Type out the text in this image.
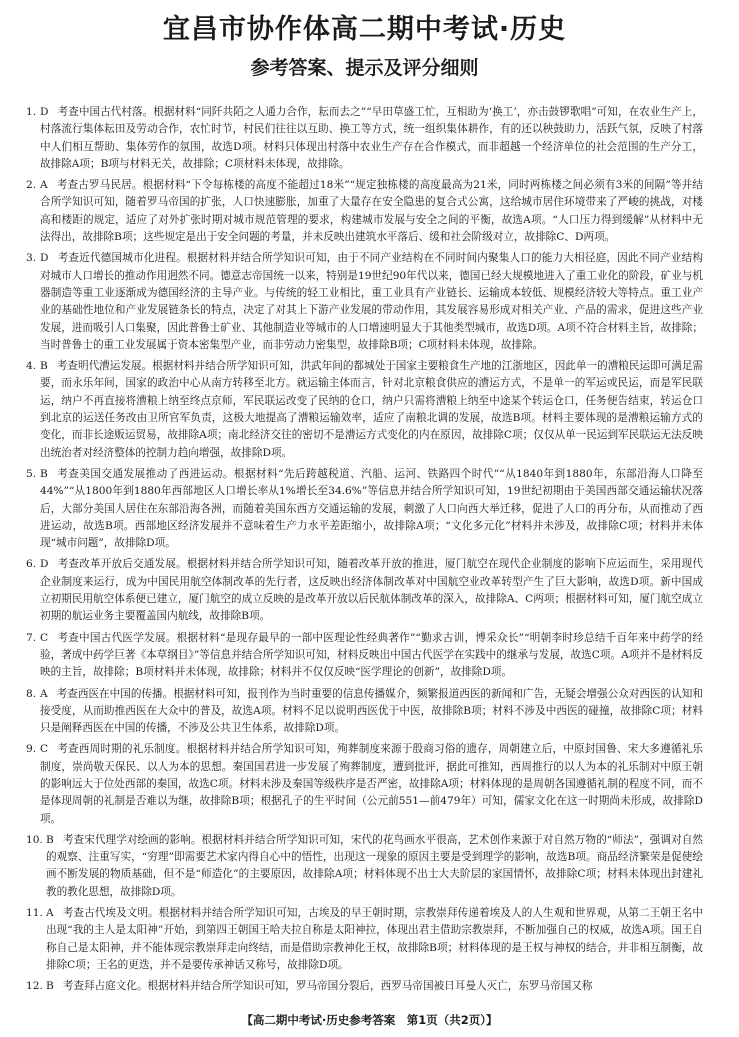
宜昌市协作体高二期中考试·历史
参考答案、提示及评分细则
1. D 考查中国古代村落。根据材料“同阡共陌之人通力合作，耘而去之”“早田草盛工忙，互相助为‘换工’，亦击鼓锣歌唱”可知，在农业生产上，村落流行集体耘田及劳动合作，农忙时节，村民们往往以互助、换工等方式，统一组织集体耕作，有的还以秧鼓助力，活跃气氛，反映了村落中人们相互帮助、集体劳作的氛围，故选D项。材料只体现出村落中农业生产存在合作模式，而非超越一个经济单位的社会范围的生产分工，故排除A项；B项与材料无关，故排除；C项材料未体现，故排除。
2. A 考查古罗马民居。根据材料“下令每栋楼的高度不能超过18米”“规定独栋楼的高度最高为21米，同时两栋楼之间必须有3米的间隔”等并结合所学知识可知，随着罗马帝国的扩张，人口快速膨胀，加重了大量存在安全隐患的复合式公寓，这给城市居住环境带来了严峻的挑战，对楼高和楼距的规定，适应了对外扩张时期对城市规范管理的要求，构建城市发展与安全之间的平衡，故选A项。“人口压力得到缓解”从材料中无法得出，故排除B项；这些规定是出于安全问题的考量，并未反映出建筑水平落后、缓和社会阶级对立，故排除C、D两项。
3. D 考查近代德国城市化进程。根据材料并结合所学知识可知，由于不同产业结构在不同时间内聚集人口的能力大相径庭，因此不同产业结构对城市人口增长的推动作用迥然不同。德意志帝国统一以来，特别是19世纪90年代以来，德国已经大规模地进入了重工业化的阶段，矿业与机器制造等重工业逐渐成为德国经济的主导产业。与传统的轻工业相比，重工业具有产业链长、运输成本较低、规模经济较大等特点。重工业产业的基础性地位和产业发展链条长的特点，决定了对其上下游产业发展的带动作用，其发展容易形成对相关产业、产品的需求，促进这些产业发展，进而吸引人口集聚，因此普鲁士矿业、其他制造业等城市的人口增速明显大于其他类型城市，故选D项。A项不符合材料主旨，故排除；当时普鲁士的重工业发展属于资本密集型产业，而非劳动力密集型，故排除B项；C项材料未体现，故排除。
4. B 考查明代漕运发展。根据材料并结合所学知识可知，洪武年间的都城处于国家主要粮食生产地的江浙地区，因此单一的漕粮民运即可满足需要，而永乐年间，国家的政治中心从南方转移至北方。就运输主体而言，针对北京粮食供应的漕运方式，不是单一的军运或民运，而是军民联运，纳户不再直接将漕粮上纳至终点京师，军民联运改变了民纳的仓口，纳户只需将漕粮上纳至中途某个转运仓口，任务便告结束，转运仓口到北京的运送任务改由卫所官军负责，这极大地提高了漕粮运输效率，适应了南粮北调的发展，故选B项。材料主要体现的是漕粮运输方式的变化，而非长途贩运贸易，故排除A项；南北经济交往的密切不是漕运方式变化的内在原因，故排除C项；仅仅从单一民运到军民联运无法反映出统治者对经济整体的控制力趋向增强，故排除D项。
5. B 考查美国交通发展推动了西进运动。根据材料“先后跨越税道、汽船、运河、铁路四个时代”“从1840年到1880年，东部沿海人口降至44%”“从1800年到1880年西部地区人口增长率从1%增长至34.6%”等信息并结合所学知识可知，19世纪初期由于美国西部交通运输状况落后，大部分美国人居住在东部沿海各洲，而随着美国东西方交通运输的发展，刺激了人口向西大举迁移，促进了人口的再分布，从而推动了西进运动，故选B项。西部地区经济发展并不意味着生产力水平差距缩小，故排除A项；“文化多元化”材料并未涉及，故排除C项；材料并未体现“城市问题”，故排除D项。
6. D 考查改革开放后交通发展。根据材料并结合所学知识可知，随着改革开放的推进，厦门航空在现代企业制度的影响下应运而生，采用现代企业制度来运行，成为中国民用航空体制改革的先行者，这反映出经济体制改革对中国航空业改革转型产生了巨大影响，故选D项。新中国成立初期民用航空体系便已建立，厦门航空的成立反映的是改革开放以后民航体制改革的深入，故排除A、C两项；根据材料可知，厦门航空成立初期的航运业务主要覆盖国内航线，故排除B项。
7. C 考查中国古代医学发展。根据材料“是现存最早的一部中医理论性经典著作”“勤求古训，博采众长”“明朝李时珍总结千百年来中药学的经验，著成中药学巨著《本草纲目》”等信息并结合所学知识可知，材料反映出中国古代医学在实践中的继承与发展，故选C项。A项并不是材料反映的主旨，故排除；B项材料并未体现，故排除；材料并不仅仅反映“医学理论的创新”，故排除D项。
8. A 考查西医在中国的传播。根据材料可知，报刊作为当时重要的信息传播媒介，频繁报道西医的新闻和广告，无疑会增强公众对西医的认知和接受度，从而助推西医在大众中的普及，故选A项。材料不足以说明西医优于中医，故排除B项；材料不涉及中西医的碰撞，故排除C项；材料只是阐释西医在中国的传播，不涉及公共卫生体系，故排除D项。
9. C 考查西周时期的礼乐制度。根据材料并结合所学知识可知，殉葬制度来源于殷商习俗的遗存，周朝建立后，中原封国鲁、宋大多遵循礼乐制度，崇尚敬天保民、以人为本的思想。秦国国君进一步发展了殉葬制度，遭到批评，据此可推知，西周推行的以人为本的礼乐制对中原王朝的影响远大于位处西部的秦国，故选C项。材料未涉及秦国等级秩序是否严密，故排除A项；材料体现的是周朝各国遵循礼制的程度不同，而不是体现周朝的礼制是否难以为继，故排除B项；根据孔子的生平时间（公元前551—前479年）可知，儒家文化在这一时期尚未形成，故排除D项。
10. B 考查宋代理学对绘画的影响。根据材料并结合所学知识可知，宋代的花鸟画水平很高，艺术创作来源于对自然万物的“师法”，强调对自然的观察、注重写实，“穷理”即需要艺术家内得自心中的悟性，出现这一现象的原因主要是受到理学的影响，故选B项。商品经济繁荣是促使绘画不断发展的物质基础，但不是“师造化”的主要原因，故排除A项；材料体现不出士大夫阶层的家国情怀，故排除C项；材料未体现出封建礼教的教化思想，故排除D项。
11. A 考查古代埃及文明。根据材料并结合所学知识可知，古埃及的早王朝时期，宗教崇拜传递着埃及人的人生观和世界观，从第二王朝王名中出现“我的主人是太阳神”开始，到第四王朝国王哈夫拉自称是太阳神拉，体现出君主借助宗教崇拜，不断加强自己的权威，故选A项。国王自称自己是太阳神，并不能体现宗教崇拜走向终结，而是借助宗教神化王权，故排除B项；材料体现的是王权与神权的结合，并非相互制衡，故排除C项；王名的更迭，并不是要传承神话又称号，故排除D项。
12. B 考查拜占庭文化。根据材料并结合所学知识可知，罗马帝国分裂后，西罗马帝国被日耳曼人灭亡，东罗马帝国又称
【高二期中考试·历史参考答案　第1页（共2页）】
